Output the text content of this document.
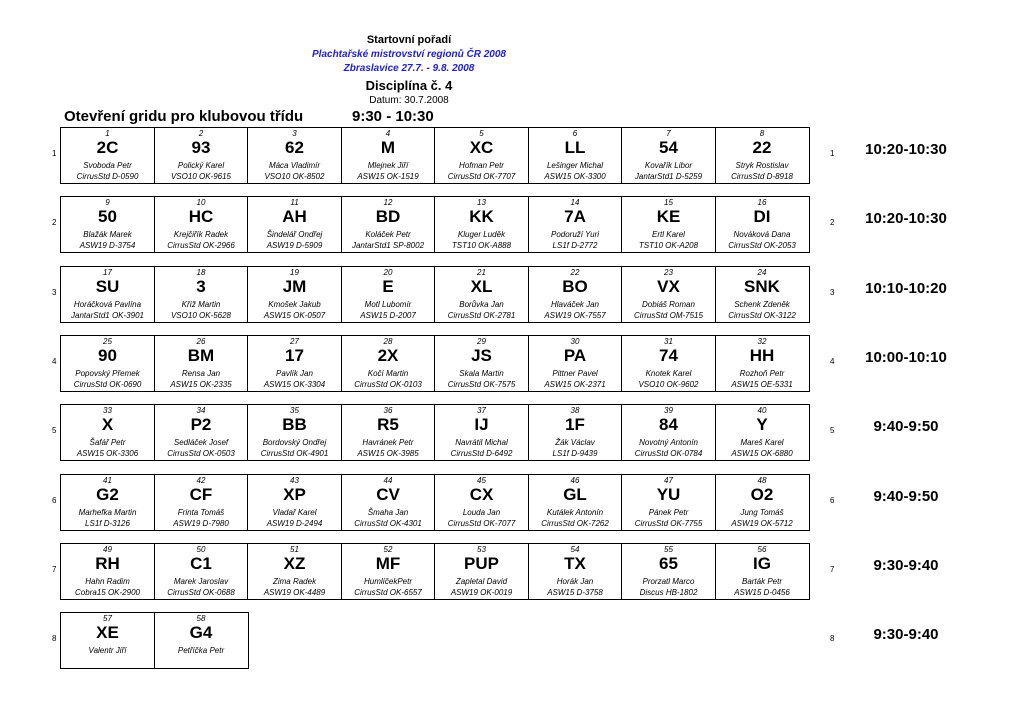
Startovní pořadí
Plachtařské mistrovství regionů ČR 2008
Zbraslavice 27.7. - 9.8. 2008
Disciplína č. 4
Datum: 30.7.2008
Otevření gridu pro klubovou třídu	9:30 - 10:30
1
1
2C
Svoboda Petr
CirrusStd D-0590
2
93
Polický Karel
VSO10 OK-9615
3
62
Máca Vladimír
VSO10 OK-8502
4
M
Mlejnek Jiří
ASW15 OK-1519
5
XC
Hofman Petr
CirrusStd OK-7707
6
LL
Lešinger Michal
ASW15 OK-3300
7
54
Kovařík Libor
JantarStd1 D-5259
8
22
Stryk Rostislav
CirrusStd D-8918
1	10:20-10:30
2
9
50
Blažák Marek
ASW19 D-3754
10
HC
Krejčiřík Radek
CirrusStd OK-2966
11
AH
Šindelář Ondřej
ASW19 D-5909
12
BD
Koláček Petr
JantarStd1 SP-8002
13
KK
Kluger Luděk
TST10 OK-A888
14
7A
Podoruží Yuri
LS1f D-2772
15
KE
Ertl Karel
TST10 OK-A208
16
DI
Nováková Dana
CirrusStd OK-2053
2	10:20-10:30
3
17
SU
Horáčková Pavlína
JantarStd1 OK-3901
18
3
Kříž Martin
VSO10 OK-5628
19
JM
Kmošek Jakub
ASW15 OK-0507
20
E
Motl Lubomír
ASW15 D-2007
21
XL
Borůvka Jan
CirrusStd OK-2781
22
BO
Hlaváček Jan
ASW19 OK-7557
23
VX
Dobiáš Roman
CirrusStd OM-7515
24
SNK
Schenk Zdeněk
CirrusStd OK-3122
3	10:10-10:20
4
25
90
Popovský Přemek
CirrusStd OK-0690
26
BM
Rensa Jan
ASW15 OK-2335
27
17
Pavlík Jan
ASW15 OK-3304
28
2X
Kočí Martin
CirrusStd OK-0103
29
JS
Skala Martin
CirrusStd OK-7575
30
PA
Pittner Pavel
ASW15 OK-2371
31
74
Knotek Karel
VSO10 OK-9602
32
HH
Rozhoň Petr
ASW15 OE-5331
4	10:00-10:10
5
33
X
Šafář Petr
ASW15 OK-3306
34
P2
Sedláček Josef
CirrusStd OK-0503
35
BB
Bordovský Ondřej
CirrusStd OK-4901
36
R5
Havránek Petr
ASW15 OK-3985
37
IJ
Navrátil Michal
CirrusStd D-6492
38
1F
Žák Václav
LS1f D-9439
39
84
Novotný Antonín
CirrusStd OK-0784
40
Y
Mareš Karel
ASW15 OK-6880
5	9:40-9:50
6
41
G2
Marhefka Martin
LS1f D-3126
42
CF
Frinta Tomáš
ASW19 D-7980
43
XP
Vladař Karel
ASW19 D-2494
44
CV
Šmaha Jan
CirrusStd OK-4301
45
CX
Louda Jan
CirrusStd OK-7077
46
GL
Kutálek Antonín
CirrusStd OK-7262
47
YU
Pánek Petr
CirrusStd OK-7755
48
O2
Jung Tomáš
ASW19 OK-5712
6	9:40-9:50
7
49
RH
Hahn Radim
Cobra15 OK-2900
50
C1
Marek Jaroslav
CirrusStd OK-0688
51
XZ
Zima Radek
ASW19 OK-4489
52
MF
HumlíčekPetr
CirrusStd OK-6557
53
PUP
Zapletal David
ASW19 OK-0019
54
TX
Horák Jan
ASW15 D-3758
55
65
Prorzatl Marco
Discus HB-1802
56
IG
Barták Petr
ASW15 D-0456
7	9:30-9:40
8
57
XE
Valentr Jiří
58
G4
Petříčka Petr
8	9:30-9:40
